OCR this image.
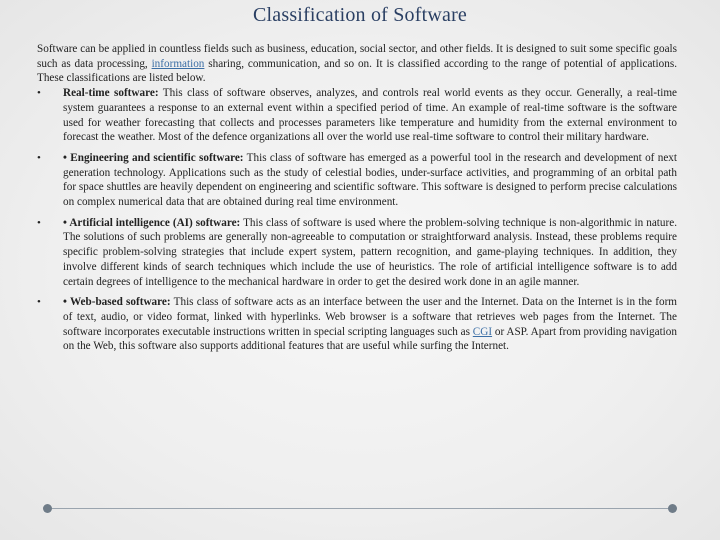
Classification of Software

Software can be applied in countless fields such as business, education, social sector, and other fields. It is designed to suit some specific goals such as data processing, information sharing, communication, and so on. It is classified according to the range of potential of applications. These classifications are listed below.

• Real-time software: This class of software observes, analyzes, and controls real world events as they occur. Generally, a real-time system guarantees a response to an external event within a specified period of time. An example of real-time software is the software used for weather forecasting that collects and processes parameters like temperature and humidity from the external environment to forecast the weather. Most of the defence organizations all over the world use real-time software to control their military hardware.
• • Engineering and scientific software: This class of software has emerged as a powerful tool in the research and development of next generation technology. Applications such as the study of celestial bodies, under-surface activities, and programming of an orbital path for space shuttles are heavily dependent on engineering and scientific software. This software is designed to perform precise calculations on complex numerical data that are obtained during real time environment.
• • Artificial intelligence (AI) software: This class of software is used where the problem-solving technique is non-algorithmic in nature. The solutions of such problems are generally non-agreeable to computation or straightforward analysis. Instead, these problems require specific problem-solving strategies that include expert system, pattern recognition, and game-playing techniques. In addition, they involve different kinds of search techniques which include the use of heuristics. The role of artificial intelligence software is to add certain degrees of intelligence to the mechanical hardware in order to get the desired work done in an agile manner.
• • Web-based software: This class of software acts as an interface between the user and the Internet. Data on the Internet is in the form of text, audio, or video format, linked with hyperlinks. Web browser is a software that retrieves web pages from the Internet. The software incorporates executable instructions written in special scripting languages such as CGI or ASP. Apart from providing navigation on the Web, this software also supports additional features that are useful while surfing the Internet.
